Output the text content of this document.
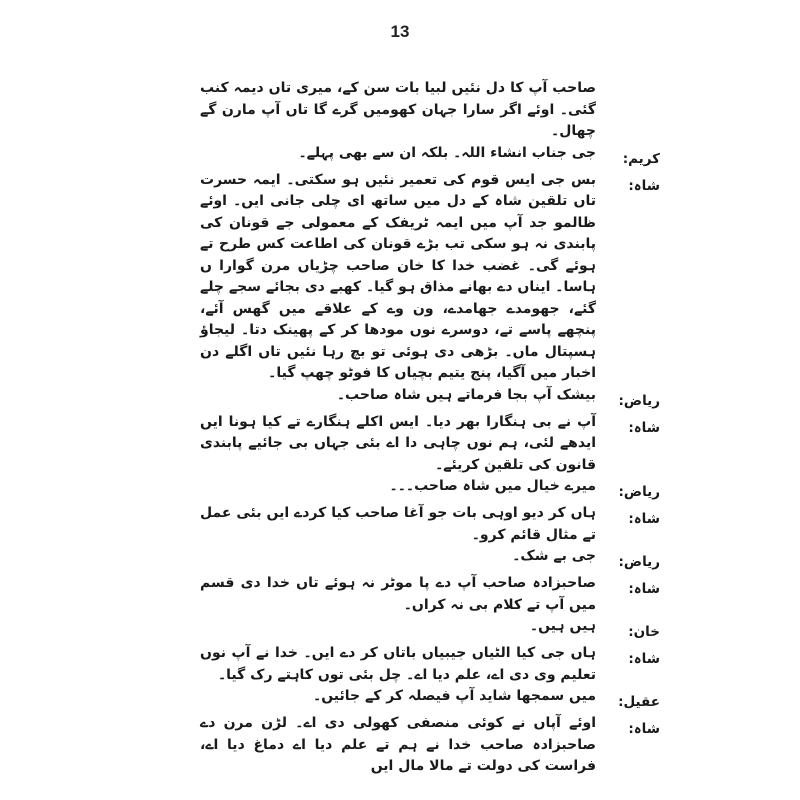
13
صاحب آپ کا دل نئیں لبیا بات سن کے، میری تاں دیمہ کنب گئی۔ اوئے اگر سارا جہان کھومیں گرے گا تاں آپ مارن گے چھال۔
کریم:
جی جناب انشاء اللہ۔ بلکہ ان سے بھی پہلے۔
شاہ:
بس جی ایس قوم کی تعمیر نئیں ہو سکتی۔ ایمہ حسرت تاں تلقین شاہ کے دل میں ساتھ ای چلی جانی ایں۔ اوئے ظالمو جد آپ میں ایمہ ٹریفک کے معمولی جے قونان کی پابندی نہ ہو سکی تب بڑے قونان کی اطاعت کس طرح تے ہوئے گی۔ غضب خدا کا خان صاحب چڑیاں مرن گوارا ں ہاسا۔ ایناں دے بھانے مذاق ہو گیا۔ کھبے دی بجائے سجے چلے گئے، جھومدے جھامدے، ون وے کے علاقے میں گھس آئے، پنچھے پاسے تے، دوسرے نوں مودھا کر کے پھینک دتا۔ لیجاؤ ہسپتال ماں۔ بڑھی دی ہوئی تو بچ رہا نئیں تاں اگلے دن اخبار میں آگیا، پنج یتیم بچیاں کا فوٹو چھپ گیا۔
ریاض:
بیشک آپ بجا فرماتے ہیں شاہ صاحب۔
شاہ:
آپ نے بی ہنگارا بھر دیا۔ ایس اکلے ہنگارے تے کیا ہونا ایں ایدھے لئی، ہم نوں چاہی دا اے بئی جہاں بی جائیے پابندی قانون کی تلقین کریئے۔
ریاض:
میرے خیال میں شاہ صاحب۔۔۔
شاہ:
ہاں کر دیو اوہی بات جو آغا صاحب کیا کردے ایں بئی عمل تے مثال قائم کرو۔
ریاض:
جی بے شک۔
شاہ:
صاحبزادہ صاحب آپ دے پا موٹر نہ ہوئے تاں خدا دی قسم میں آپ تے کلام بی نہ کراں۔
خان:
ہیں ہیں۔
شاہ:
ہاں جی کیا الٹیاں جیبیاں باتاں کر دے ایں۔ خدا نے آپ نوں تعلیم وی دی اے، علم دیا اے۔ چل بئی توں کاہتے رک گیا۔
عقیل:
میں سمجھا شاید آپ فیصلہ کر کے جائیں۔
شاہ:
اوئے آپاں نے کوئی منصفی کھولی دی اے۔ لڑن مرن دے صاحبزادہ صاحب خدا نے ہم تے علم دیا اے دماغ دیا اے، فراست کی دولت تے مالا مال ایں
